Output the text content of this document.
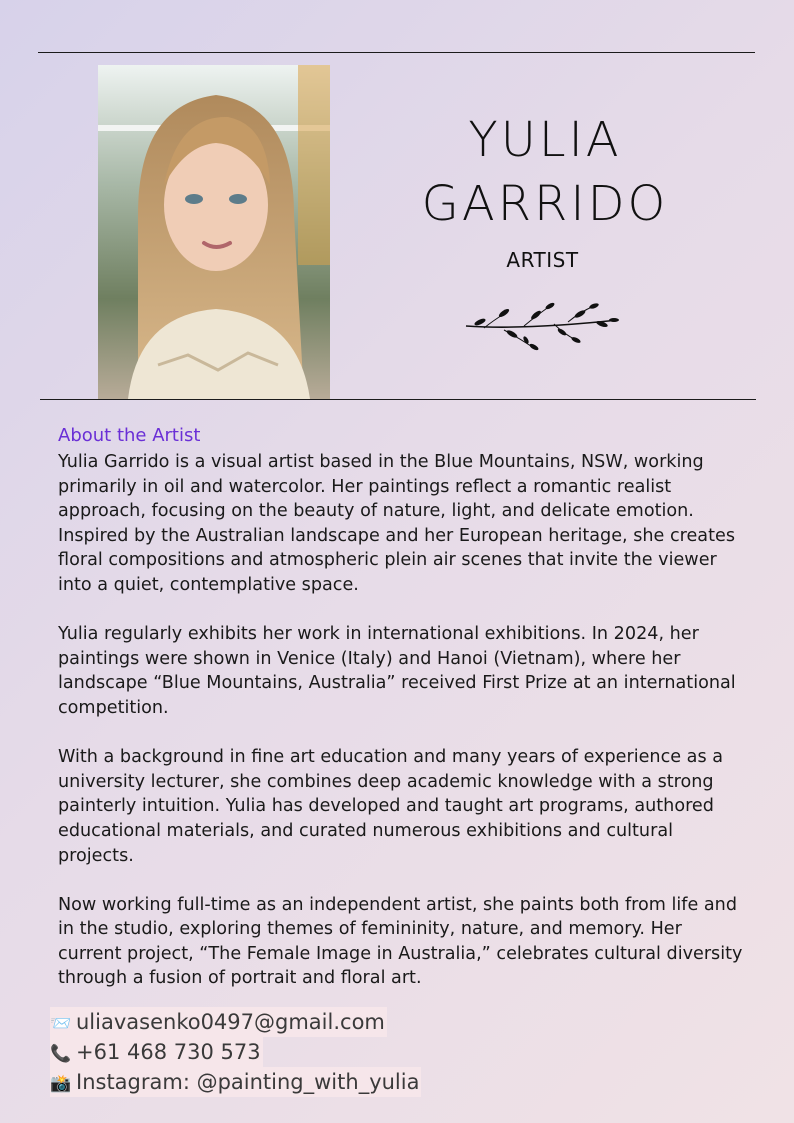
YULIA
GARRIDO
ARTIST
About the Artist

Yulia Garrido is a visual artist based in the Blue Mountains, NSW, working primarily in oil and watercolor. Her paintings reflect a romantic realist approach, focusing on the beauty of nature, light, and delicate emotion. Inspired by the Australian landscape and her European heritage, she creates floral compositions and atmospheric plein air scenes that invite the viewer into a quiet, contemplative space.

Yulia regularly exhibits her work in international exhibitions. In 2024, her paintings were shown in Venice (Italy) and Hanoi (Vietnam), where her landscape “Blue Mountains, Australia” received First Prize at an international competition.

With a background in fine art education and many years of experience as a university lecturer, she combines deep academic knowledge with a strong painterly intuition. Yulia has developed and taught art programs, authored educational materials, and curated numerous exhibitions and cultural projects.

Now working full-time as an independent artist, she paints both from life and in the studio, exploring themes of femininity, nature, and memory. Her current project, “The Female Image in Australia,” celebrates cultural diversity through a fusion of portrait and floral art.

📨 uliavasenko0497@gmail.com
📞 +61 468 730 573
📸 Instagram: @painting_with_yulia
